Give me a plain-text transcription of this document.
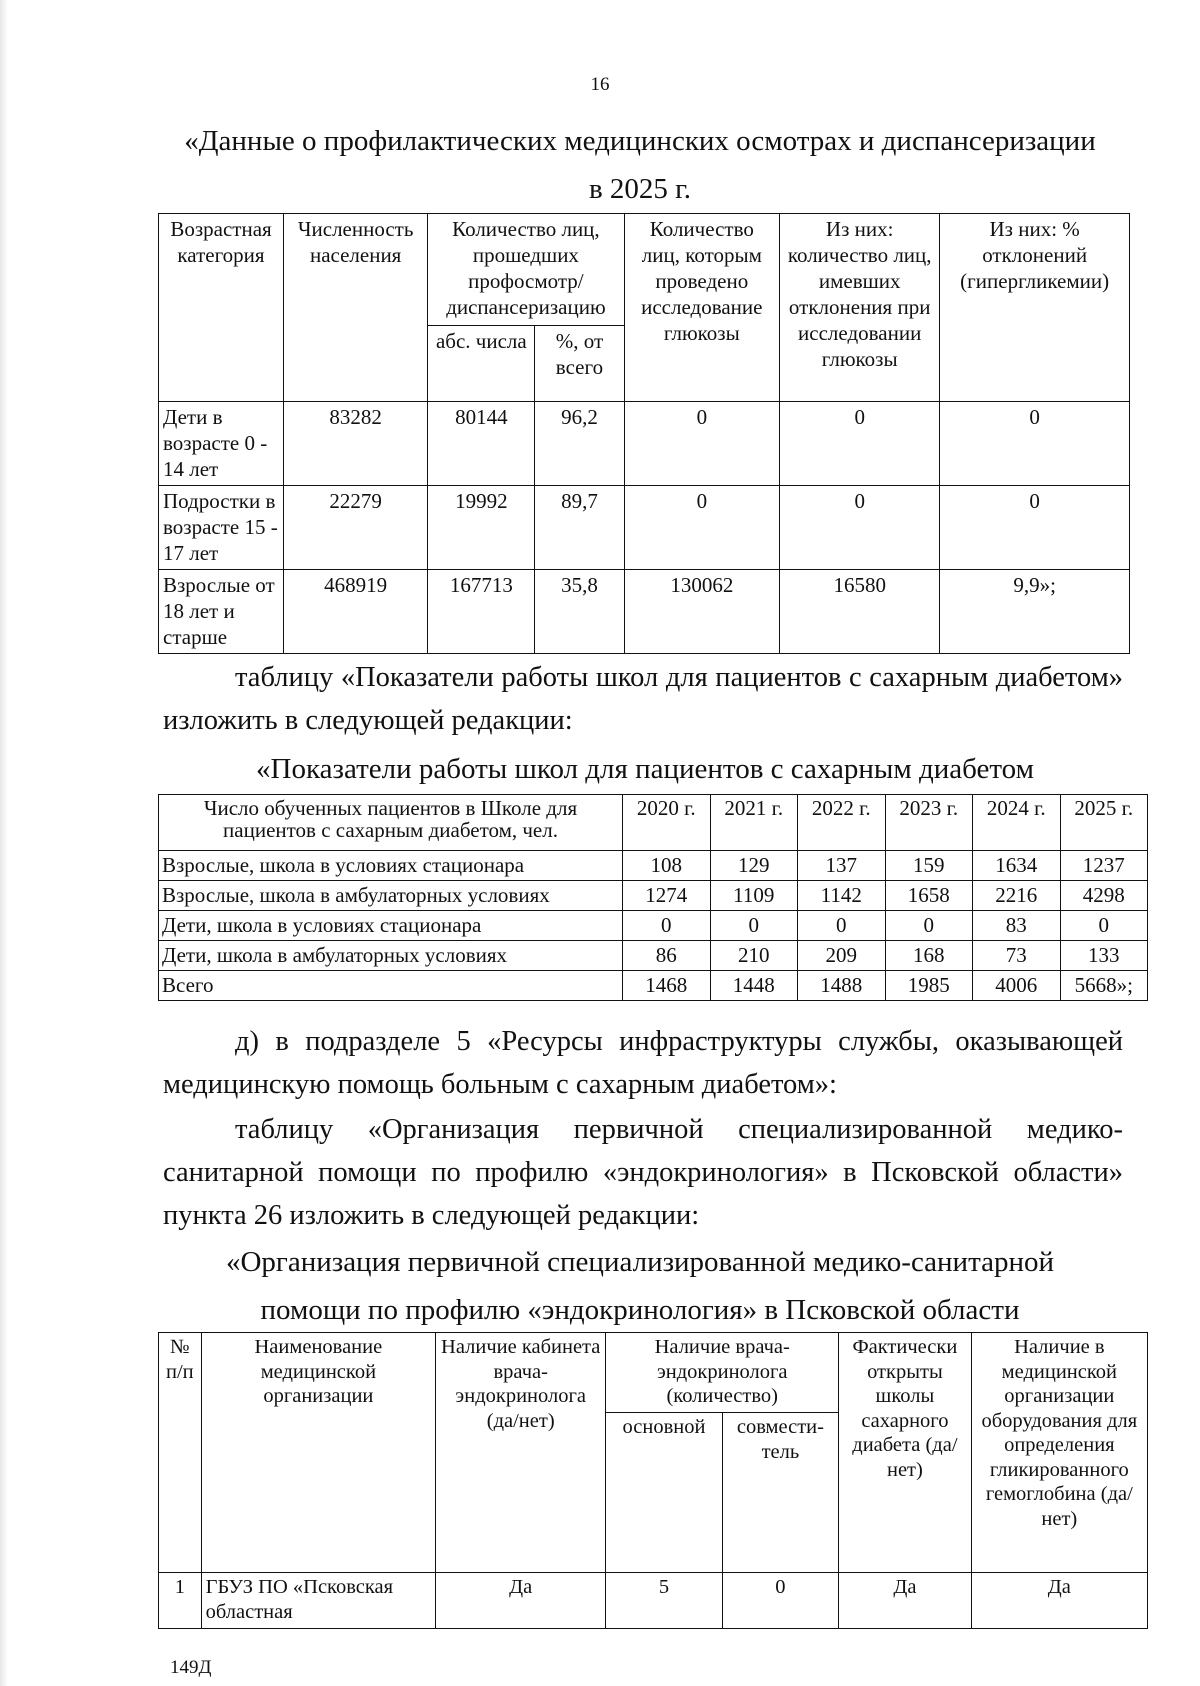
16
«Данные о профилактических медицинских осмотрах и диспансеризации
в 2025 г.
Возрастная категория	Численность населения	Количество лиц, прошедших профосмотр/ диспансеризацию		Количество лиц, которым проведено исследование глюкозы	Из них: количество лиц, имевших отклонения при исследовании глюкозы	Из них: % отклонений (гипергликемии)
		абс. числа	%, от всего			
Дети в возрасте 0 - 14 лет	83282	80144	96,2	0	0	0
Подростки в возрасте 15 - 17 лет	22279	19992	89,7	0	0	0
Взрослые от 18 лет и старше	468919	167713	35,8	130062	16580	9,9»;
таблицу «Показатели работы школ для пациентов с сахарным диабетом» изложить в следующей редакции:
«Показатели работы школ для пациентов с сахарным диабетом
Число обученных пациентов в Школе для пациентов с сахарным диабетом, чел.	2020 г.	2021 г.	2022 г.	2023 г.	2024 г.	2025 г.
Взрослые, школа в условиях стационара	108	129	137	159	1634	1237
Взрослые, школа в амбулаторных условиях	1274	1109	1142	1658	2216	4298
Дети, школа в условиях стационара	0	0	0	0	83	0
Дети, школа в амбулаторных условиях	86	210	209	168	73	133
Всего	1468	1448	1488	1985	4006	5668»;
д) в подразделе 5 «Ресурсы инфраструктуры службы, оказывающей медицинскую помощь больным с сахарным диабетом»:
таблицу «Организация первичной специализированной медико-санитарной помощи по профилю «эндокринология» в Псковской области» пункта 26 изложить в следующей редакции:
«Организация первичной специализированной медико-санитарной
помощи по профилю «эндокринология» в Псковской области
№ п/п	Наименование медицинской организации	Наличие кабинета врача-эндокринолога (да/нет)	Наличие врача-эндокринолога (количество)		Фактически открыты школы сахарного диабета (да/нет)	Наличие в медицинской организации оборудования для определения гликированного гемоглобина (да/нет)
			основной	совмести-тель		
1	ГБУЗ ПО «Псковская областная	Да	5	0	Да	Да
149Д
